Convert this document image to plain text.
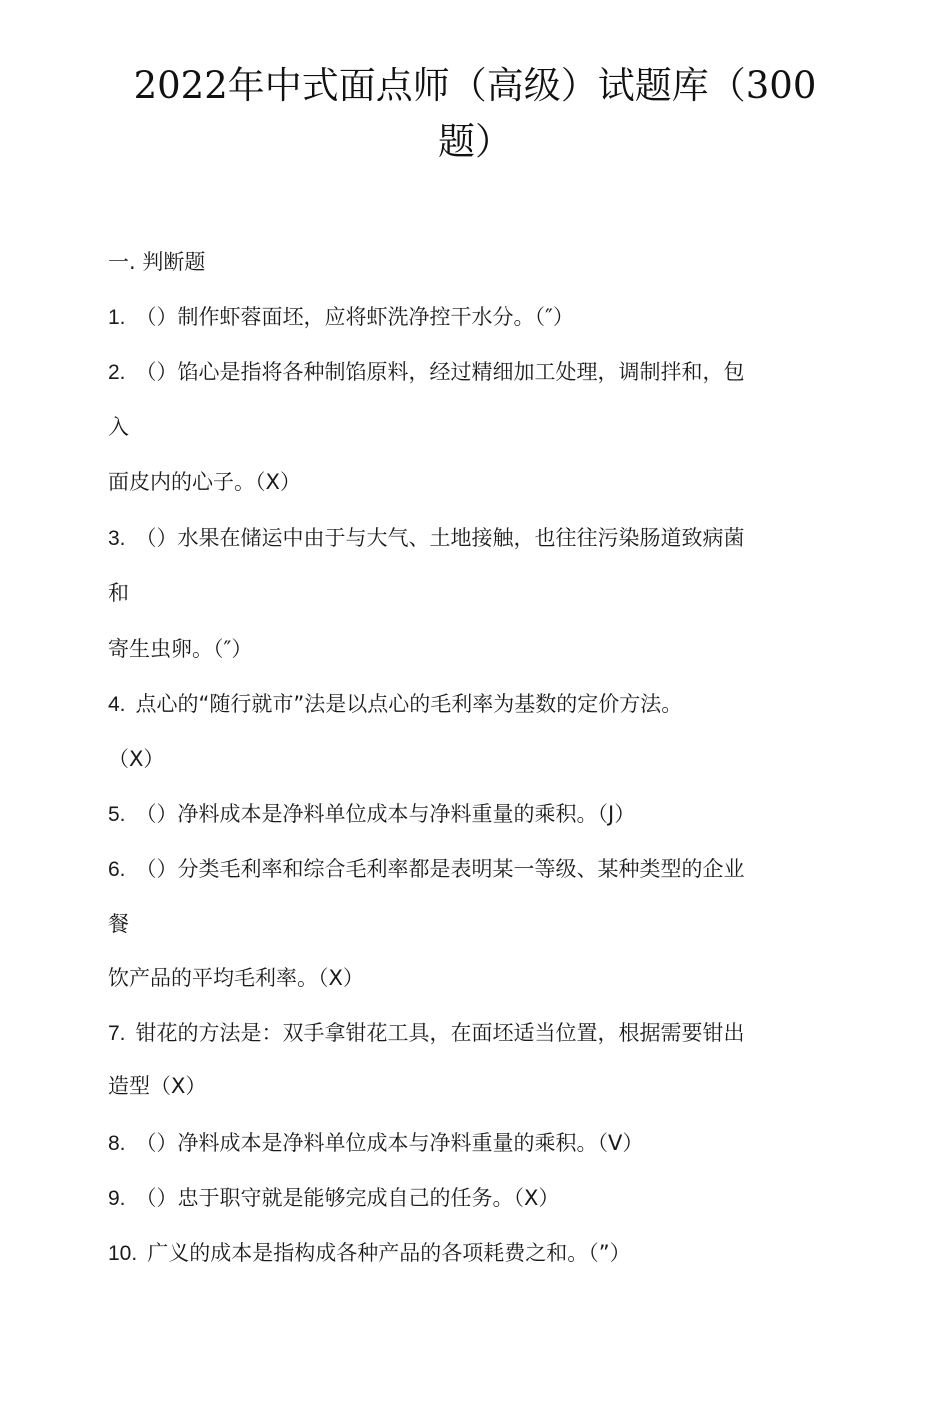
2022年中式面点师（高级）试题库（300
题）
一. 判断题
1. （）制作虾蓉面坯，应将虾洗净控干水分。（″）
2. （）馅心是指将各种制馅原料，经过精细加工处理，调制拌和，包
入
面皮内的心子。（X）
3. （）水果在储运中由于与大气、土地接触，也往往污染肠道致病菌
和
寄生虫卵。（″）
4. 点心的“随行就市”法是以点心的毛利率为基数的定价方法。
（X）
5. （）净料成本是净料单位成本与净料重量的乘积。（J）
6. （）分类毛利率和综合毛利率都是表明某一等级、某种类型的企业
餐
饮产品的平均毛利率。（X）
7. 钳花的方法是：双手拿钳花工具，在面坯适当位置，根据需要钳出
造型（X）
8. （）净料成本是净料单位成本与净料重量的乘积。（V）
9. （）忠于职守就是能够完成自己的任务。（X）
10. 广义的成本是指构成各种产品的各项耗费之和。（”）
